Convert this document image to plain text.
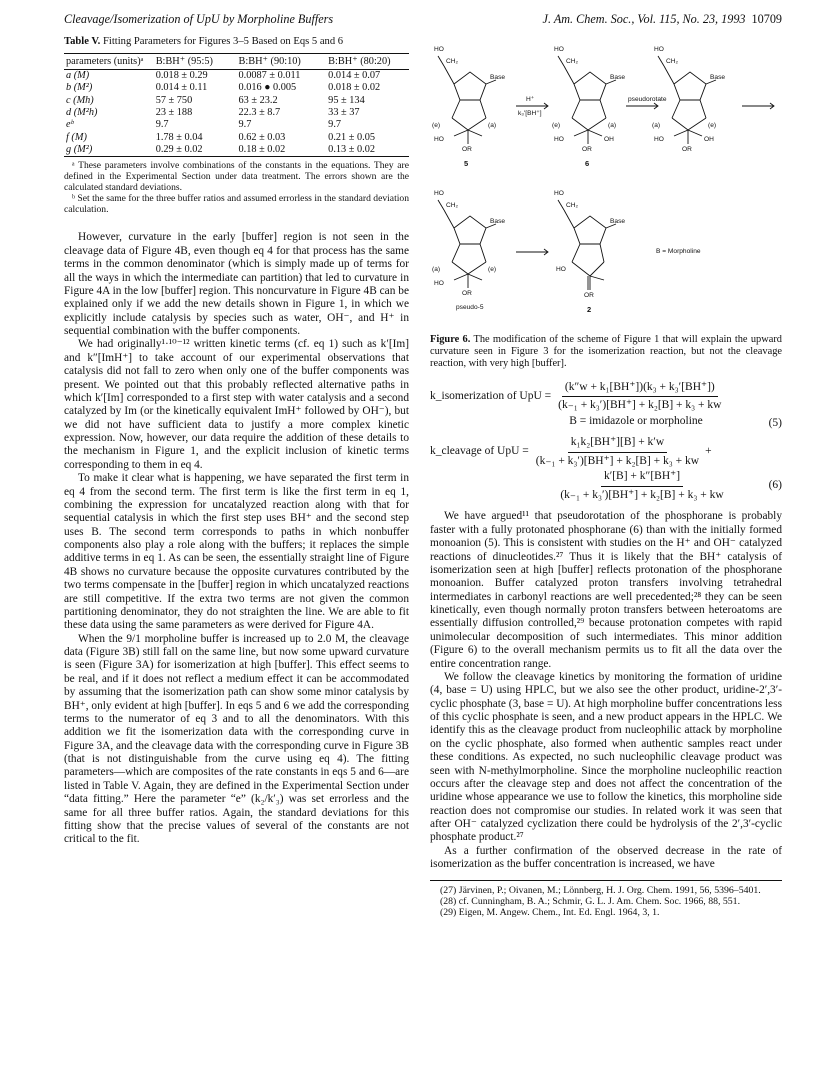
Cleavage/Isomerization of UpU by Morpholine Buffers	J. Am. Chem. Soc., Vol. 115, No. 23, 1993 10709
Table V. Fitting Parameters for Figures 3–5 Based on Eqs 5 and 6
parameters (units)ᵃ	B:BH⁺ (95:5)	B:BH⁺ (90:10)	B:BH⁺ (80:20)
a (M)	0.018 ± 0.29	0.0087 ± 0.011	0.014 ± 0.07
b (M²)	0.014 ± 0.11	0.016 ● 0.005	0.018 ± 0.02
c (Mh)	57 ± 750	63 ± 23.2	95 ± 134
d (M²h)	23 ± 188	22.3 ± 8.7	33 ± 37
eᵇ	9.7	9.7	9.7
f (M)	1.78 ± 0.04	0.62 ± 0.03	0.21 ± 0.05
g (M²)	0.29 ± 0.02	0.18 ± 0.02	0.13 ± 0.02

ᵃ These parameters involve combinations of the constants in the equations. They are defined in the Experimental Section under data treatment. The errors shown are the calculated standard deviations.

ᵇ Set the same for the three buffer ratios and assumed errorless in the standard deviation calculation.

However, curvature in the early [buffer] region is not seen in the cleavage data of Figure 4B, even though eq 4 for that process has the same terms in the common denominator (which is simply made up of terms for all the ways in which the intermediate can partition) that led to curvature in Figure 4A in the low [buffer] region. This noncurvature in Figure 4B can be explained only if we add the new details shown in Figure 1, in which we explicitly include catalysis by species such as water, OH⁻, and H⁺ in sequential combination with the buffer components.

We had originally¹·¹⁰⁻¹² written kinetic terms (cf. eq 1) such as k′[Im] and k″[ImH⁺] to take account of our experimental observations that catalysis did not fall to zero when only one of the buffer components was present. We pointed out that this probably reflected alternative paths in which k′[Im] corresponded to a first step with water catalysis and a second catalyzed by Im (or the kinetically equivalent ImH⁺ followed by OH⁻), but we did not have sufficient data to justify a more complex kinetic expression. Now, however, our data require the addition of these details to the mechanism in Figure 1, and the explicit inclusion of kinetic terms corresponding to them in eq 4.

To make it clear what is happening, we have separated the first term in eq 4 from the second term. The first term is like the first term in eq 1, combining the expression for uncatalyzed reaction along with that for sequential catalysis in which the first step uses BH⁺ and the second step uses B. The second term corresponds to paths in which nonbuffer components also play a role along with the buffers; it replaces the simple additive terms in eq 1. As can be seen, the essentially straight line of Figure 4B shows no curvature because the opposite curvatures contributed by the two terms compensate in the [buffer] region in which uncatalyzed reactions are still competitive. If the extra two terms are not given the common partitioning denominator, they do not straighten the line. We are able to fit these data using the same parameters as were derived for Figure 4A.

When the 9/1 morpholine buffer is increased up to 2.0 M, the cleavage data (Figure 3B) still fall on the same line, but now some upward curvature is seen (Figure 3A) for isomerization at high [buffer]. This effect seems to be real, and if it does not reflect a medium effect it can be accommodated by assuming that the isomerization path can show some minor catalysis by BH⁺, only evident at high [buffer]. In eqs 5 and 6 we add the corresponding terms to the numerator of eq 3 and to all the denominators. With this addition we fit the isomerization data with the corresponding curve in Figure 3A, and the cleavage data with the corresponding curve in Figure 3B (that is not distinguishable from the curve using eq 4). The fitting parameters—which are composites of the rate constants in eqs 5 and 6—are listed in Table V. Again, they are defined in the Experimental Section under “data fitting.” Here the parameter “e” (k₂/k′₃) was set errorless and the same for all three buffer ratios. Again, the standard deviations for this fitting show that the precise values of several of the constants are not critical to the fit.

HO
CH₂
Base
(e)	(a)
HO
OR
5
H⁺
k₃'[BH⁺]
HO
CH₂
Base
(e)	(a)
HO
OR
OH
6
pseudorotate
HO
CH₂
Base
(a)	(e)
HO
OR
OH
HO
CH₂
Base
(a)	(e)
HO
OR
pseudo-5
HO
CH₂
Base
HO
OR
2
B = Morpholine
Figure 6. The modification of the scheme of Figure 1 that will explain the upward curvature seen in Figure 3 for the isomerization reaction, but not the cleavage reaction, with very high [buffer].
k_isomerization of UpU = $\frac{\text{(k″w + k₁[BH⁺])(k₃ + k₃′[BH⁺])}}{\text{(k₋₁ + k₃′)[BH⁺] + k₂[B] + k₃ + kw}}$
B = imidazole or morpholine	(5)
k_cleavage of UpU = $\frac{\text{k₁k₂[BH⁺][B] + k′w}}{\text{(k₋₁ + k₃′)[BH⁺] + k₂[B] + k₃ + kw}}$ +
$\frac{k'[B] + k''[BH^+]}{\text{(k₋₁ + k₃′)[BH⁺] + k₂[B] + k₃ + kw}}$	(6)

We have argued¹¹ that pseudorotation of the phosphorane is probably faster with a fully protonated phosphorane (6) than with the initially formed monoanion (5). This is consistent with studies on the H⁺ and OH⁻ catalyzed reactions of dinucleotides.²⁷ Thus it is likely that the BH⁺ catalysis of isomerization seen at high [buffer] reflects protonation of the phosphorane monoanion. Buffer catalyzed proton transfers involving tetrahedral intermediates in carbonyl reactions are well precedented;²⁸ they can be seen kinetically, even though normally proton transfers between heteroatoms are essentially diffusion controlled,²⁹ because protonation competes with rapid unimolecular decomposition of such intermediates. This minor addition (Figure 6) to the overall mechanism permits us to fit all the data over the entire concentration range.

We follow the cleavage kinetics by monitoring the formation of uridine (4, base = U) using HPLC, but we also see the other product, uridine-2′,3′-cyclic phosphate (3, base = U). At high morpholine buffer concentrations less of this cyclic phosphate is seen, and a new product appears in the HPLC. We identify this as the cleavage product from nucleophilic attack by morpholine on the cyclic phosphate, also formed when authentic samples react under these conditions. As expected, no such nucleophilic cleavage product was seen with N-methylmorpholine. Since the morpholine nucleophilic reaction occurs after the cleavage step and does not affect the concentration of the uridine whose appearance we use to follow the kinetics, this morpholine side reaction does not compromise our studies. In related work it was seen that after OH⁻ catalyzed cyclization there could be hydrolysis of the 2′,3′-cyclic phosphate product.²⁷

As a further confirmation of the observed decrease in the rate of isomerization as the buffer concentration is increased, we have

(27) Järvinen, P.; Oivanen, M.; Lönnberg, H. J. Org. Chem. 1991, 56, 5396–5401.

(28) cf. Cunningham, B. A.; Schmir, G. L. J. Am. Chem. Soc. 1966, 88, 551.

(29) Eigen, M. Angew. Chem., Int. Ed. Engl. 1964, 3, 1.
